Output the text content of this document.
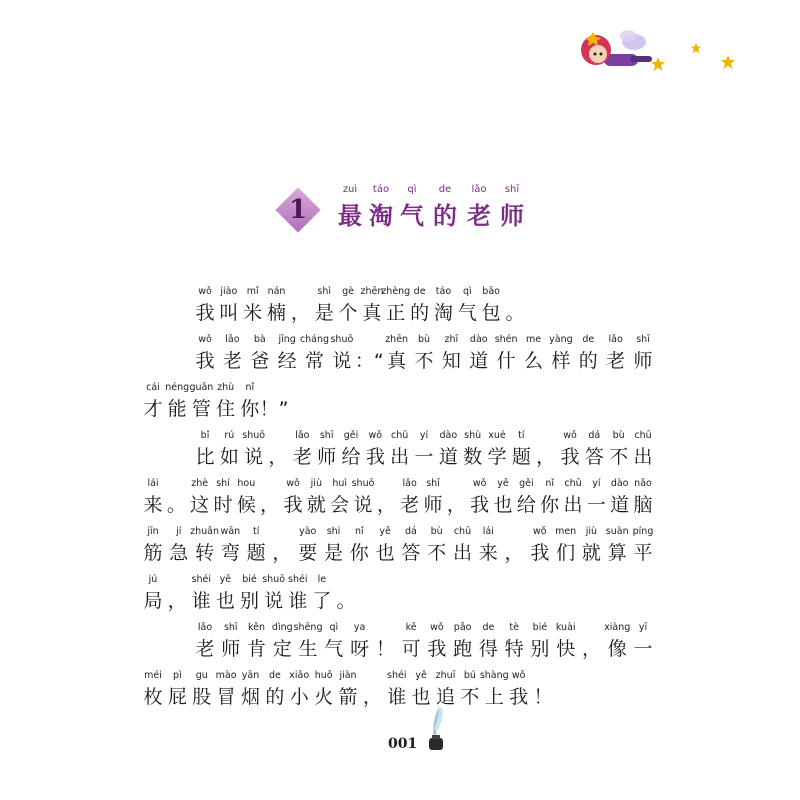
1
zuì
最
táo
淘
qì
气
de
的
lǎo
老
shī
师
我
wǒ
叫
jiào
米
mǐ
楠
nán
， 是
shì
个
gè
真
zhēn
正
zhèng
的
de
淘
táo
气
qì
包
bāo
。
我
wǒ
老
lǎo
爸
bà
经
jīng
常
cháng
说
shuō
：“ 真
zhēn
不
bù
知
zhī
道
dào
什
shén
么
me
样
yàng
的
de
老
lǎo
师
shī
才
cái
能
néng
管
guǎn
住
zhù
你
nǐ
！”
比
bǐ
如
rú
说
shuō
， 老
lǎo
师
shī
给
gěi
我
wǒ
出
chū
一
yí
道
dào
数
shù
学
xué
题
tí
， 我
wǒ
答
dá
不
bù
出
chū
来
lái
。 这
zhè
时
shí
候
hou
， 我
wǒ
就
jiù
会
huì
说
shuō
， 老
lǎo
师
shī
， 我
wǒ
也
yě
给
gěi
你
nǐ
出
chū
一
yí
道
dào
脑
nǎo
筋
jīn
急
jí
转
zhuǎn
弯
wān
题
tí
， 要
yào
是
shi
你
nǐ
也
yě
答
dá
不
bù
出
chū
来
lái
， 我
wǒ
们
men
就
jiù
算
suàn
平
píng
局
jú
， 谁
shéi
也
yě
别
bié
说
shuō
谁
shéi
了
le
。
老
lǎo
师
shī
肯
kěn
定
dìng
生
shēng
气
qì
呀
ya
！ 可
kě
我
wǒ
跑
pǎo
得
de
特
tè
别
bié
快
kuài
， 像
xiàng
一
yī
枚
méi
屁
pì
股
gu
冒
mào
烟
yān
的
de
小
xiǎo
火
huǒ
箭
jiàn
， 谁
shéi
也
yě
追
zhuī
不
bú
上
shàng
我
wǒ
！
001
